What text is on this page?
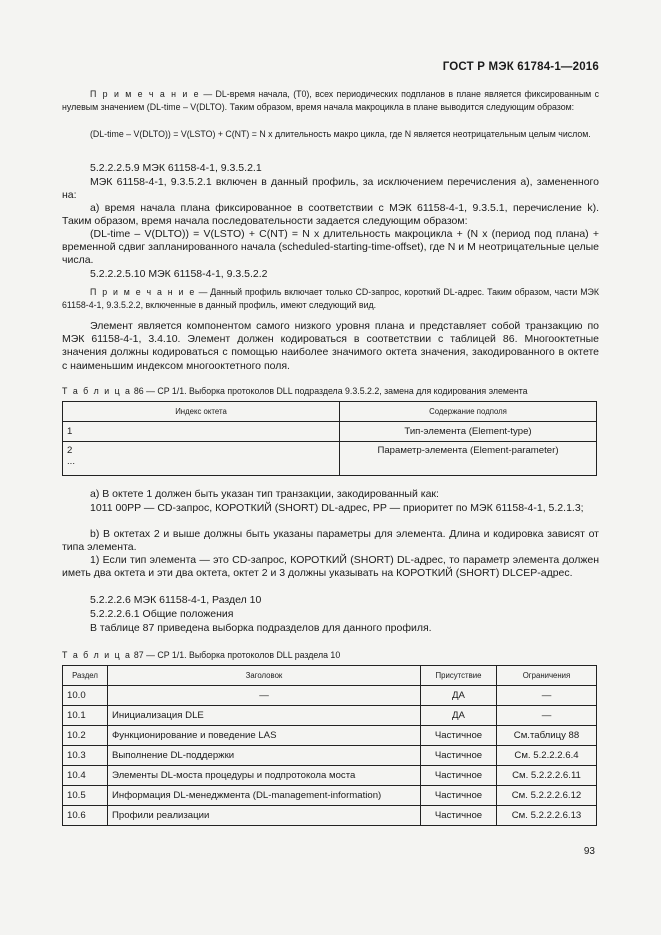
ГОСТ Р МЭК 61784-1—2016

П р и м е ч а н и е — DL-время начала, (T0), всех периодических подпланов в плане является фиксированным с нулевым значением (DL-time – V(DLTO). Таким образом, время начала макроцикла в плане выводится следующим образом:

(DL-time – V(DLTO)) = V(LSTO) + C(NT) = N x длительность макро цикла, где N является неотрицательным целым числом.

5.2.2.2.5.9 МЭК 61158-4-1, 9.3.5.2.1

МЭК 61158-4-1, 9.3.5.2.1 включен в данный профиль, за исключением перечисления а), замененного на:

а) время начала плана фиксированное в соответствии с МЭК 61158-4-1, 9.3.5.1, перечисление k). Таким образом, время начала последовательности задается следующим образом:

(DL-time – V(DLTO)) = V(LSTO) + C(NT) = N x длительность макроцикла + (N x (период под плана) + временной сдвиг запланированного начала (scheduled-starting-time-offset), где N и M неотрицательные целые числа.

5.2.2.2.5.10 МЭК 61158-4-1, 9.3.5.2.2

П р и м е ч а н и е — Данный профиль включает только CD-запрос, короткий DL-адрес. Таким образом, части МЭК 61158-4-1, 9.3.5.2.2, включенные в данный профиль, имеют следующий вид.

Элемент является компонентом самого низкого уровня плана и представляет собой транзакцию по МЭК 61158-4-1, 3.4.10. Элемент должен кодироваться в соответствии с таблицей 86. Многооктетные значения должны кодироваться с помощью наиболее значимого октета значения, закодированного в октете с наименьшим индексом многооктетного поля.

Т а б л и ц а 86 — CP 1/1. Выборка протоколов DLL подраздела 9.3.5.2.2, замена для кодирования элемента
Индекс октета	Содержание подполя
1	Тип-элемента (Element-type)

2
...	Параметр-элемента (Element-parameter)

а) В октете 1 должен быть указан тип транзакции, закодированный как:

1011 00PP — CD-запрос, КОРОТКИЙ (SHORT) DL-адрес, PP — приоритет по МЭК 61158-4-1, 5.2.1.3;

b) В октетах 2 и выше должны быть указаны параметры для элемента. Длина и кодировка зависят от типа элемента.

1) Если тип элемента — это CD-запрос, КОРОТКИЙ (SHORT) DL-адрес, то параметр элемента должен иметь два октета и эти два октета, октет 2 и 3 должны указывать на КОРОТКИЙ (SHORT) DLCEP-адрес.

5.2.2.2.6 МЭК 61158-4-1, Раздел 10

5.2.2.2.6.1 Общие положения

В таблице 87 приведена выборка подразделов для данного профиля.

Т а б л и ц а 87 — CP 1/1. Выборка протоколов DLL раздела 10
Раздел	Заголовок	Присутствие	Ограничения
10.0	—	ДА	—
10.1	Инициализация DLE	ДА	—
10.2	Функционирование и поведение LAS	Частичное	См.таблицу 88
10.3	Выполнение DL-поддержки	Частичное	См. 5.2.2.2.6.4
10.4	Элементы DL-моста процедуры и подпротокола моста	Частичное	См. 5.2.2.2.6.11
10.5	Информация DL-менеджмента (DL-management-information)	Частичное	См. 5.2.2.2.6.12
10.6	Профили реализации	Частичное	См. 5.2.2.2.6.13
93
